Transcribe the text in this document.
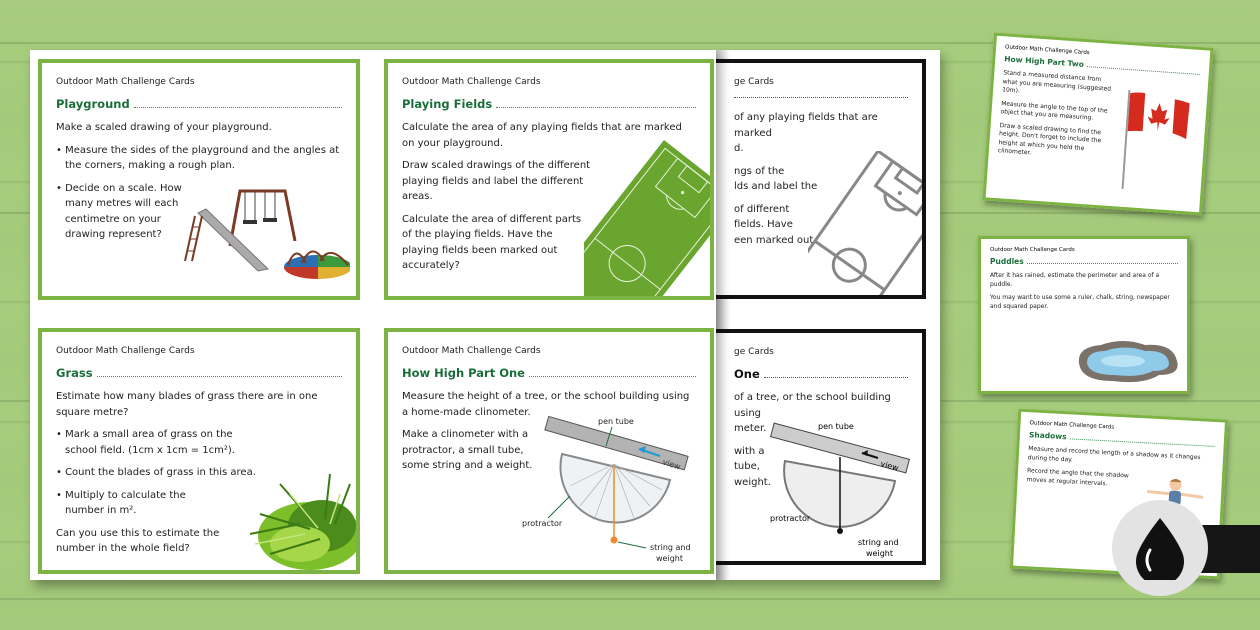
ge Cards

of any playing fields that are marked
d.

ngs of the
lds and label the

of different
fields. Have
een marked out

ge Cards
One

of a tree, or the school building using
meter.

with a
tube,
weight.

view
pen tube
protractor
string and
weight
Outdoor Math Challenge Cards
Playground

Make a scaled drawing of your playground.

• Measure the sides of the playground and the angles at the corners, making a rough plan.

• Decide on a scale. How many metres will each centimetre on your drawing represent?

Outdoor Math Challenge Cards
Playing Fields

Calculate the area of any playing fields that are marked on your playground.

Draw scaled drawings of the different playing fields and label the different areas.

Calculate the area of different parts of the playing fields. Have the playing fields been marked out accurately?

Outdoor Math Challenge Cards
Grass

Estimate how many blades of grass there are in one square metre?

• Mark a small area of grass on the school field. (1cm x 1cm = 1cm²).

• Count the blades of grass in this area.

• Multiply to calculate the number in m².

Can you use this to estimate the number in the whole field?

Outdoor Math Challenge Cards
How High Part One

Measure the height of a tree, or the school building using a home-made clinometer.

Make a clinometer with a protractor, a small tube, some string and a weight.	view
pen tube
protractor
string and
weight
Outdoor Math Challenge Cards
How High Part Two

Stand a measured distance from what you are measuring (suggested 10m).

Measure the angle to the top of the object that you are measuring.

Draw a scaled drawing to find the height. Don't forget to include the height at which you held the clinometer.

Outdoor Math Challenge Cards
Puddles

After it has rained, estimate the perimeter and area of a puddle.

You may want to use some a ruler, chalk, string, newspaper and squared paper.

Outdoor Math Challenge Cards
Shadows

Measure and record the length of a shadow as it changes during the day.

Record the angle that the shadow moves at regular intervals.
